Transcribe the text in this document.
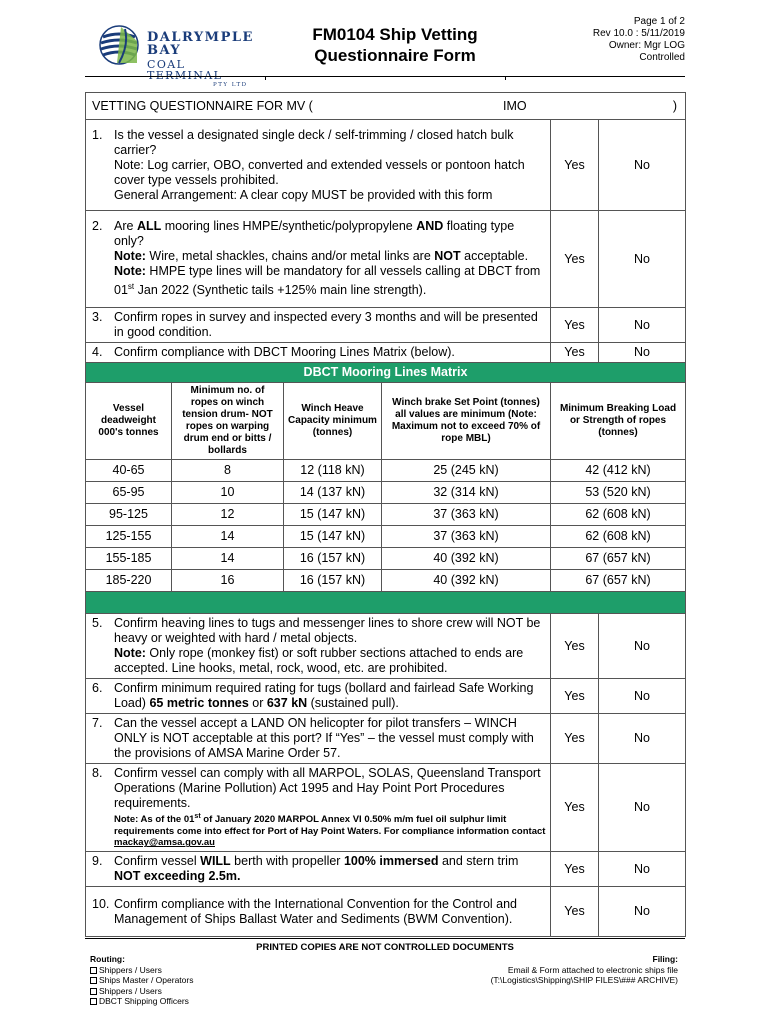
DALRYMPLE BAY
COAL TERMINAL
PTY LTD
FM0104 Ship Vetting
Questionnaire Form
Page 1 of 2
Rev 10.0 : 5/11/2019
Owner: Mgr LOG
Controlled
VETTING QUESTIONNAIRE FOR MV ( IMO )					

1. Is the vessel a designated single deck / self-trimming / closed hatch bulk carrier?
Note: Log carrier, OBO, converted and extended vessels or pontoon hatch cover type vessels prohibited.
General Arrangement: A clear copy MUST be provided with this form				Yes	No

2. Are ALL mooring lines HMPE/synthetic/polypropylene AND floating type only?
Note: Wire, metal shackles, chains and/or metal links are NOT acceptable.
Note: HMPE type lines will be mandatory for all vessels calling at DBCT from 01st Jan 2022 (Synthetic tails +125% main line strength).				Yes	No

3. Confirm ropes in survey and inspected every 3 months and will be presented in good condition.				Yes	No

4. Confirm compliance with DBCT Mooring Lines Matrix (below).				Yes	No
DBCT Mooring Lines Matrix					
Vessel deadweight 000's tonnes	Minimum no. of ropes on winch tension drum- NOT ropes on warping drum end or bitts / bollards	Winch Heave Capacity minimum (tonnes)	Winch brake Set Point (tonnes) all values are minimum (Note: Maximum not to exceed 70% of rope MBL)	Minimum Breaking Load or Strength of ropes (tonnes)	
40-65	8	12 (118 kN)	25 (245 kN)	42 (412 kN)	
65-95	10	14 (137 kN)	32 (314 kN)	53 (520 kN)	
95-125	12	15 (147 kN)	37 (363 kN)	62 (608 kN)	
125-155	14	15 (147 kN)	37 (363 kN)	62 (608 kN)	
155-185	14	16 (157 kN)	40 (392 kN)	67 (657 kN)	
185-220	16	16 (157 kN)	40 (392 kN)	67 (657 kN)	

5. Confirm heaving lines to tugs and messenger lines to shore crew will NOT be heavy or weighted with hard / metal objects.
Note: Only rope (monkey fist) or soft rubber sections attached to ends are accepted. Line hooks, metal, rock, wood, etc. are prohibited.				Yes	No

6. Confirm minimum required rating for tugs (bollard and fairlead Safe Working Load) 65 metric tonnes or 637 kN (sustained pull).				Yes	No

7. Can the vessel accept a LAND ON helicopter for pilot transfers – WINCH ONLY is NOT acceptable at this port? If “Yes” – the vessel must comply with the provisions of AMSA Marine Order 57.				Yes	No

8. Confirm vessel can comply with all MARPOL, SOLAS, Queensland Transport Operations (Marine Pollution) Act 1995 and Hay Point Port Procedures requirements.
Note: As of the 01st of January 2020 MARPOL Annex VI 0.50% m/m fuel oil sulphur limit requirements come into effect for Port of Hay Point Waters. For compliance information contact mackay@amsa.gov.au				Yes	No

9. Confirm vessel WILL berth with propeller 100% immersed and stern trim NOT exceeding 2.5m.				Yes	No

10. Confirm compliance with the International Convention for the Control and Management of Ships Ballast Water and Sediments (BWM Convention).				Yes	No
PRINTED COPIES ARE NOT CONTROLLED DOCUMENTS
Routing:
Shippers / Users
Ships Master / Operators
Shippers / Users
DBCT Shipping Officers
Filing:
Email & Form attached to electronic ships file
(T:\Logistics\Shipping\SHIP FILES\### ARCHIVE)
